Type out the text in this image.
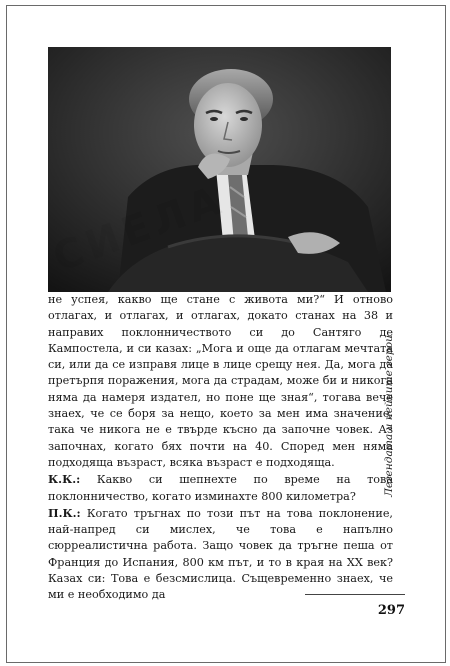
не успея, какво ще стане с живота ми?“ И отново отлагах, и отлагах, и отлагах, докато станах на 38 и направих поклонничеството си до Сантяго де Кампостела, и си казах: „Мога и още да отлагам мечтата си, или да се изправя лице в лице срещу нея. Да, мога да претърпя поражения, мога да страдам, може би и никога няма да намеря издател, но поне ще зная“, тогава вече знаех, че се боря за нещо, което за мен има значение, така че никога не е твърде късно да започне човек. Аз започнах, когато бях почти на 40. Според мен няма подходяща възраст, всяка възраст е подходяща.

К.К.: Какво си шепнехте по време на това поклонничество, когато изминахте 800 километра?

П.К.: Когато тръгнах по този път на това поклонение, най-напред си мислех, че това е напълно сюрреалистична работа. Защо човек да тръгне пеша от Франция до Испания, 800 км път, и то в края на XX век? Казах си: Това е безсмислица. Същевременно знаех, че ми е необходимо да

Легендата и нейните герои
297
